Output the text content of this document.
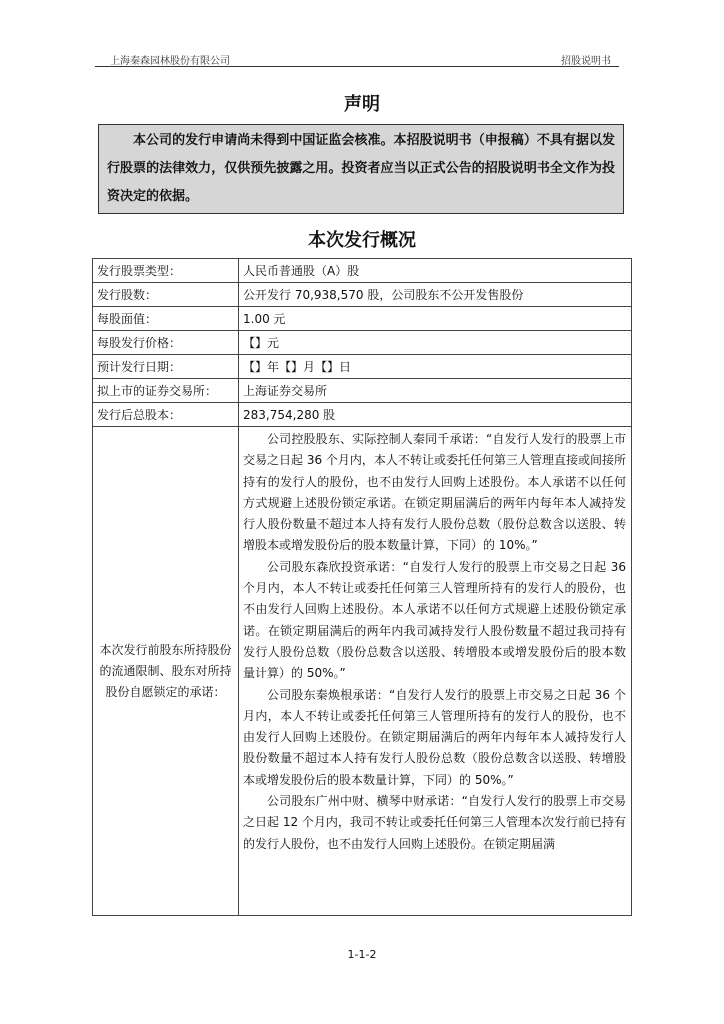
上海秦森园林股份有限公司	招股说明书
声明
本公司的发行申请尚未得到中国证监会核准。本招股说明书（申报稿）不具有据以发行股票的法律效力，仅供预先披露之用。投资者应当以正式公告的招股说明书全文作为投资决定的依据。
本次发行概况
发行股票类型：	人民币普通股（A）股
发行股数：	公开发行 70,938,570 股，公司股东不公开发售股份
每股面值：	1.00 元
每股发行价格：	【】元
预计发行日期：	【】年【】月【】日
拟上市的证券交易所：	上海证券交易所
发行后总股本：	283,754,280 股
本次发行前股东所持股份的流通限制、股东对所持股份自愿锁定的承诺：	公司控股股东、实际控制人秦同千承诺：“自发行人发行的股票上市交易之日起 36 个月内，本人不转让或委托任何第三人管理直接或间接所持有的发行人的股份，也不由发行人回购上述股份。本人承诺不以任何方式规避上述股份锁定承诺。在锁定期届满后的两年内每年本人减持发行人股份数量不超过本人持有发行人股份总数（股份总数含以送股、转增股本或增发股份后的股本数量计算，下同）的 10%。”

公司股东森欣投资承诺：“自发行人发行的股票上市交易之日起 36 个月内，本人不转让或委托任何第三人管理所持有的发行人的股份，也不由发行人回购上述股份。本人承诺不以任何方式规避上述股份锁定承诺。在锁定期届满后的两年内我司减持发行人股份数量不超过我司持有发行人股份总数（股份总数含以送股、转增股本或增发股份后的股本数量计算）的 50%。”

公司股东秦焕根承诺：“自发行人发行的股票上市交易之日起 36 个月内，本人不转让或委托任何第三人管理所持有的发行人的股份，也不由发行人回购上述股份。在锁定期届满后的两年内每年本人减持发行人股份数量不超过本人持有发行人股份总数（股份总数含以送股、转增股本或增发股份后的股本数量计算，下同）的 50%。”

公司股东广州中财、横琴中财承诺：“自发行人发行的股票上市交易之日起 12 个月内，我司不转让或委托任何第三人管理本次发行前已持有的发行人股份，也不由发行人回购上述股份。在锁定期届满

1-1-2
